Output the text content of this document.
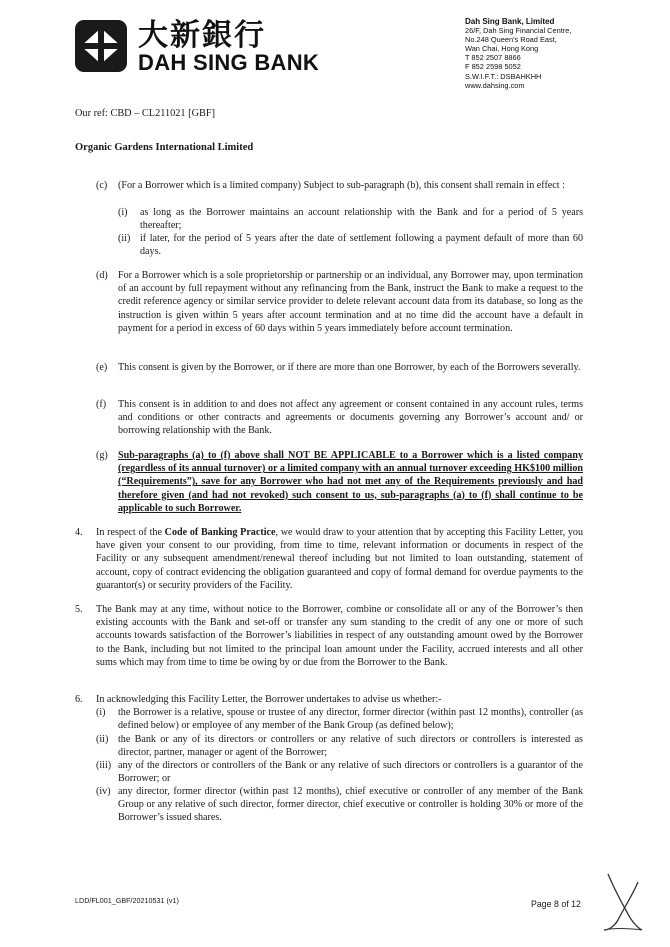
大新銀行
DAH SING BANK
Dah Sing Bank, Limited
26/F, Dah Sing Financial Centre,
No.248 Queen's Road East,
Wan Chai, Hong Kong
T 852 2507 8866
F 852 2598 5052
S.W.I.F.T.: DSBAHKHH
www.dahsing.com
Our ref: CBD – CL211021 [GBF]
Organic Gardens International Limited
(c) (For a Borrower which is a limited company) Subject to sub-paragraph (b), this consent shall remain in effect :
(i) as long as the Borrower maintains an account relationship with the Bank and for a period of 5 years thereafter;
(ii) if later, for the period of 5 years after the date of settlement following a payment default of more than 60 days.
(d) For a Borrower which is a sole proprietorship or partnership or an individual, any Borrower may, upon termination of an account by full repayment without any refinancing from the Bank, instruct the Bank to make a request to the credit reference agency or similar service provider to delete relevant account data from its database, so long as the instruction is given within 5 years after account termination and at no time did the account have a default in payment for a period in excess of 60 days within 5 years immediately before account termination.
(e) This consent is given by the Borrower, or if there are more than one Borrower, by each of the Borrowers severally.
(f) This consent is in addition to and does not affect any agreement or consent contained in any account rules, terms and conditions or other contracts and agreements or documents governing any Borrower’s account and/ or borrowing relationship with the Bank.
(g) Sub-paragraphs (a) to (f) above shall NOT BE APPLICABLE to a Borrower which is a listed company (regardless of its annual turnover) or a limited company with an annual turnover exceeding HK$100 million (“Requirements”), save for any Borrower who had not met any of the Requirements previously and had therefore given (and had not revoked) such consent to us, sub-paragraphs (a) to (f) shall continue to be applicable to such Borrower.
4. In respect of the Code of Banking Practice, we would draw to your attention that by accepting this Facility Letter, you have given your consent to our providing, from time to time, relevant information or documents in respect of the Facility or any subsequent amendment/renewal thereof including but not limited to loan outstanding, statement of account, copy of contract evidencing the obligation guaranteed and copy of formal demand for overdue payments to the guarantor(s) or security providers of the Facility.
5. The Bank may at any time, without notice to the Borrower, combine or consolidate all or any of the Borrower’s then existing accounts with the Bank and set-off or transfer any sum standing to the credit of any one or more of such accounts towards satisfaction of the Borrower’s liabilities in respect of any outstanding amount owed by the Borrower to the Bank, including but not limited to the principal loan amount under the Facility, accrued interests and all other sums which may from time to time be owing by or due from the Borrower to the Bank.
6. In acknowledging this Facility Letter, the Borrower undertakes to advise us whether:-
(i) the Borrower is a relative, spouse or trustee of any director, former director (within past 12 months), controller (as defined below) or employee of any member of the Bank Group (as defined below);
(ii) the Bank or any of its directors or controllers or any relative of such directors or controllers is interested as director, partner, manager or agent of the Borrower;
(iii) any of the directors or controllers of the Bank or any relative of such directors or controllers is a guarantor of the Borrower; or
(iv) any director, former director (within past 12 months), chief executive or controller of any member of the Bank Group or any relative of such director, former director, chief executive or controller is holding 30% or more of the Borrower’s issued shares.
LDD/FL001_GBF/20210531 (v1)	Page 8 of 12
